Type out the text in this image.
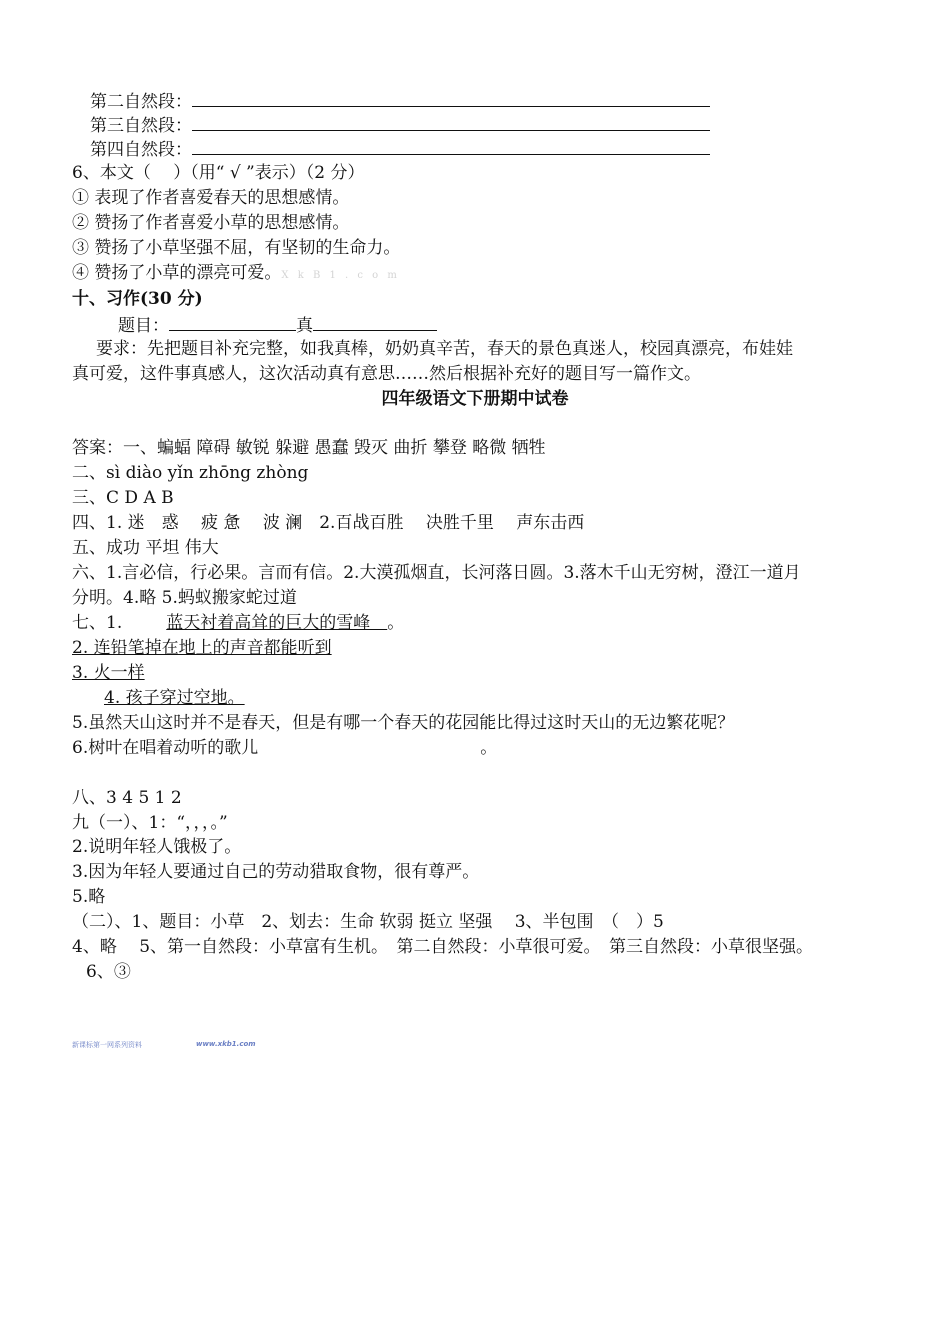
第二自然段：
第三自然段：
第四自然段：
6、本文（　 ）（用“ √ ”表示）（2 分）
① 表现了作者喜爱春天的思想感情。
② 赞扬了作者喜爱小草的思想感情。
③ 赞扬了小草坚强不屈，有坚韧的生命力。
④ 赞扬了小草的漂亮可爱。X k B 1 . c o m
十、习作(30 分)
题目：	真
要求：先把题目补充完整，如我真棒，奶奶真辛苦，春天的景色真迷人，校园真漂亮，布娃娃
真可爱，这件事真感人，这次活动真有意思……然后根据补充好的题目写一篇作文。
四年级语文下册期中试卷
答案：一、蝙蝠 障碍 敏锐 躲避 愚蠢 毁灭 曲折 攀登 略微 牺牲
二、sì diào yǐn zhōng zhòng
三、C D A B
四、1. 迷　惑　 疲 惫　 波 澜　2.百战百胜　 决胜千里　 声东击西
五、成功 平坦 伟大
六、1.言必信，行必果。言而有信。2.大漠孤烟直，长河落日圆。3.落木千山无穷树，澄江一道月
分明。4.略 5.蚂蚁搬家蛇过道
七、1.	蓝天衬着高耸的巨大的雪峰　。
2. 连铅笔掉在地上的声音都能听到
3. 火一样
4. 孩子穿过空地。
5.虽然天山这时并不是春天，但是有哪一个春天的花园能比得过这时天山的无边繁花呢？
6.树叶在唱着动听的歌儿	。
八、3 4 5 1 2
九（一）、1：“，，，。”
2.说明年轻人饿极了。
3.因为年轻人要通过自己的劳动猎取食物，很有尊严。
5.略
（二）、1、题目：小草　2、划去：生命 软弱 挺立 坚强　 3、半包围　（　）5
4、略　 5、第一自然段：小草富有生机。　第二自然段：小草很可爱。　第三自然段：小草很坚强。
6、③
新课标第一网系列资料	www.xkb1.com
